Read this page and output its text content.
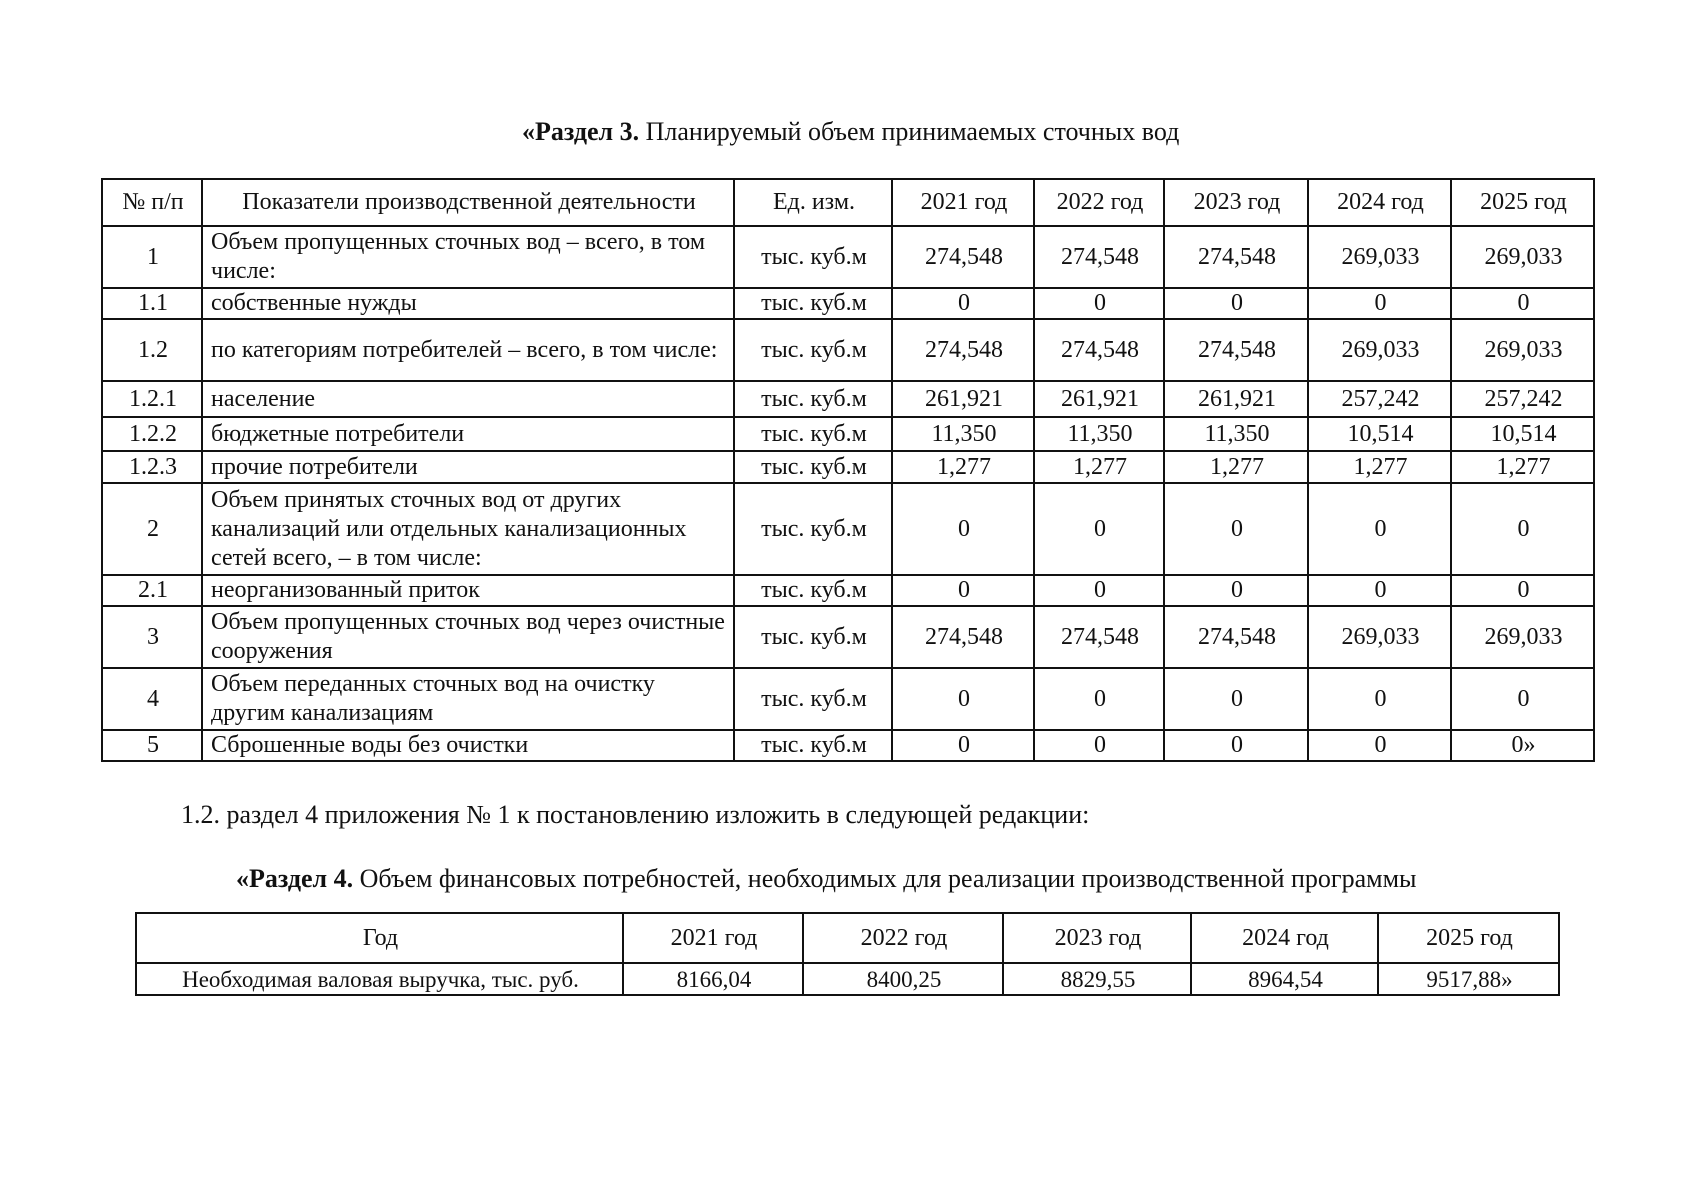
«Раздел 3. Планируемый объем принимаемых сточных вод
№ п/п	Показатели производственной деятельности	Ед. изм.	2021 год	2022 год	2023 год	2024 год	2025 год
1	Объем пропущенных сточных вод – всего, в том числе:	тыс. куб.м	274,548	274,548	274,548	269,033	269,033
1.1	собственные нужды	тыс. куб.м	0	0	0	0	0
1.2	по категориям потребителей – всего, в том числе:	тыс. куб.м	274,548	274,548	274,548	269,033	269,033
1.2.1	население	тыс. куб.м	261,921	261,921	261,921	257,242	257,242
1.2.2	бюджетные потребители	тыс. куб.м	11,350	11,350	11,350	10,514	10,514
1.2.3	прочие потребители	тыс. куб.м	1,277	1,277	1,277	1,277	1,277
2	Объем принятых сточных вод от других канализаций или отдельных канализационных сетей всего, – в том числе:	тыс. куб.м	0	0	0	0	0
2.1	неорганизованный приток	тыс. куб.м	0	0	0	0	0
3	Объем пропущенных сточных вод через очистные сооружения	тыс. куб.м	274,548	274,548	274,548	269,033	269,033
4	Объем переданных сточных вод на очистку другим канализациям	тыс. куб.м	0	0	0	0	0
5	Сброшенные воды без очистки	тыс. куб.м	0	0	0	0	0»
1.2. раздел 4 приложения № 1 к постановлению изложить в следующей редакции:
«Раздел 4. Объем финансовых потребностей, необходимых для реализации производственной программы
Год	2021 год	2022 год	2023 год	2024 год	2025 год
Необходимая валовая выручка, тыс. руб.	8166,04	8400,25	8829,55	8964,54	9517,88»
